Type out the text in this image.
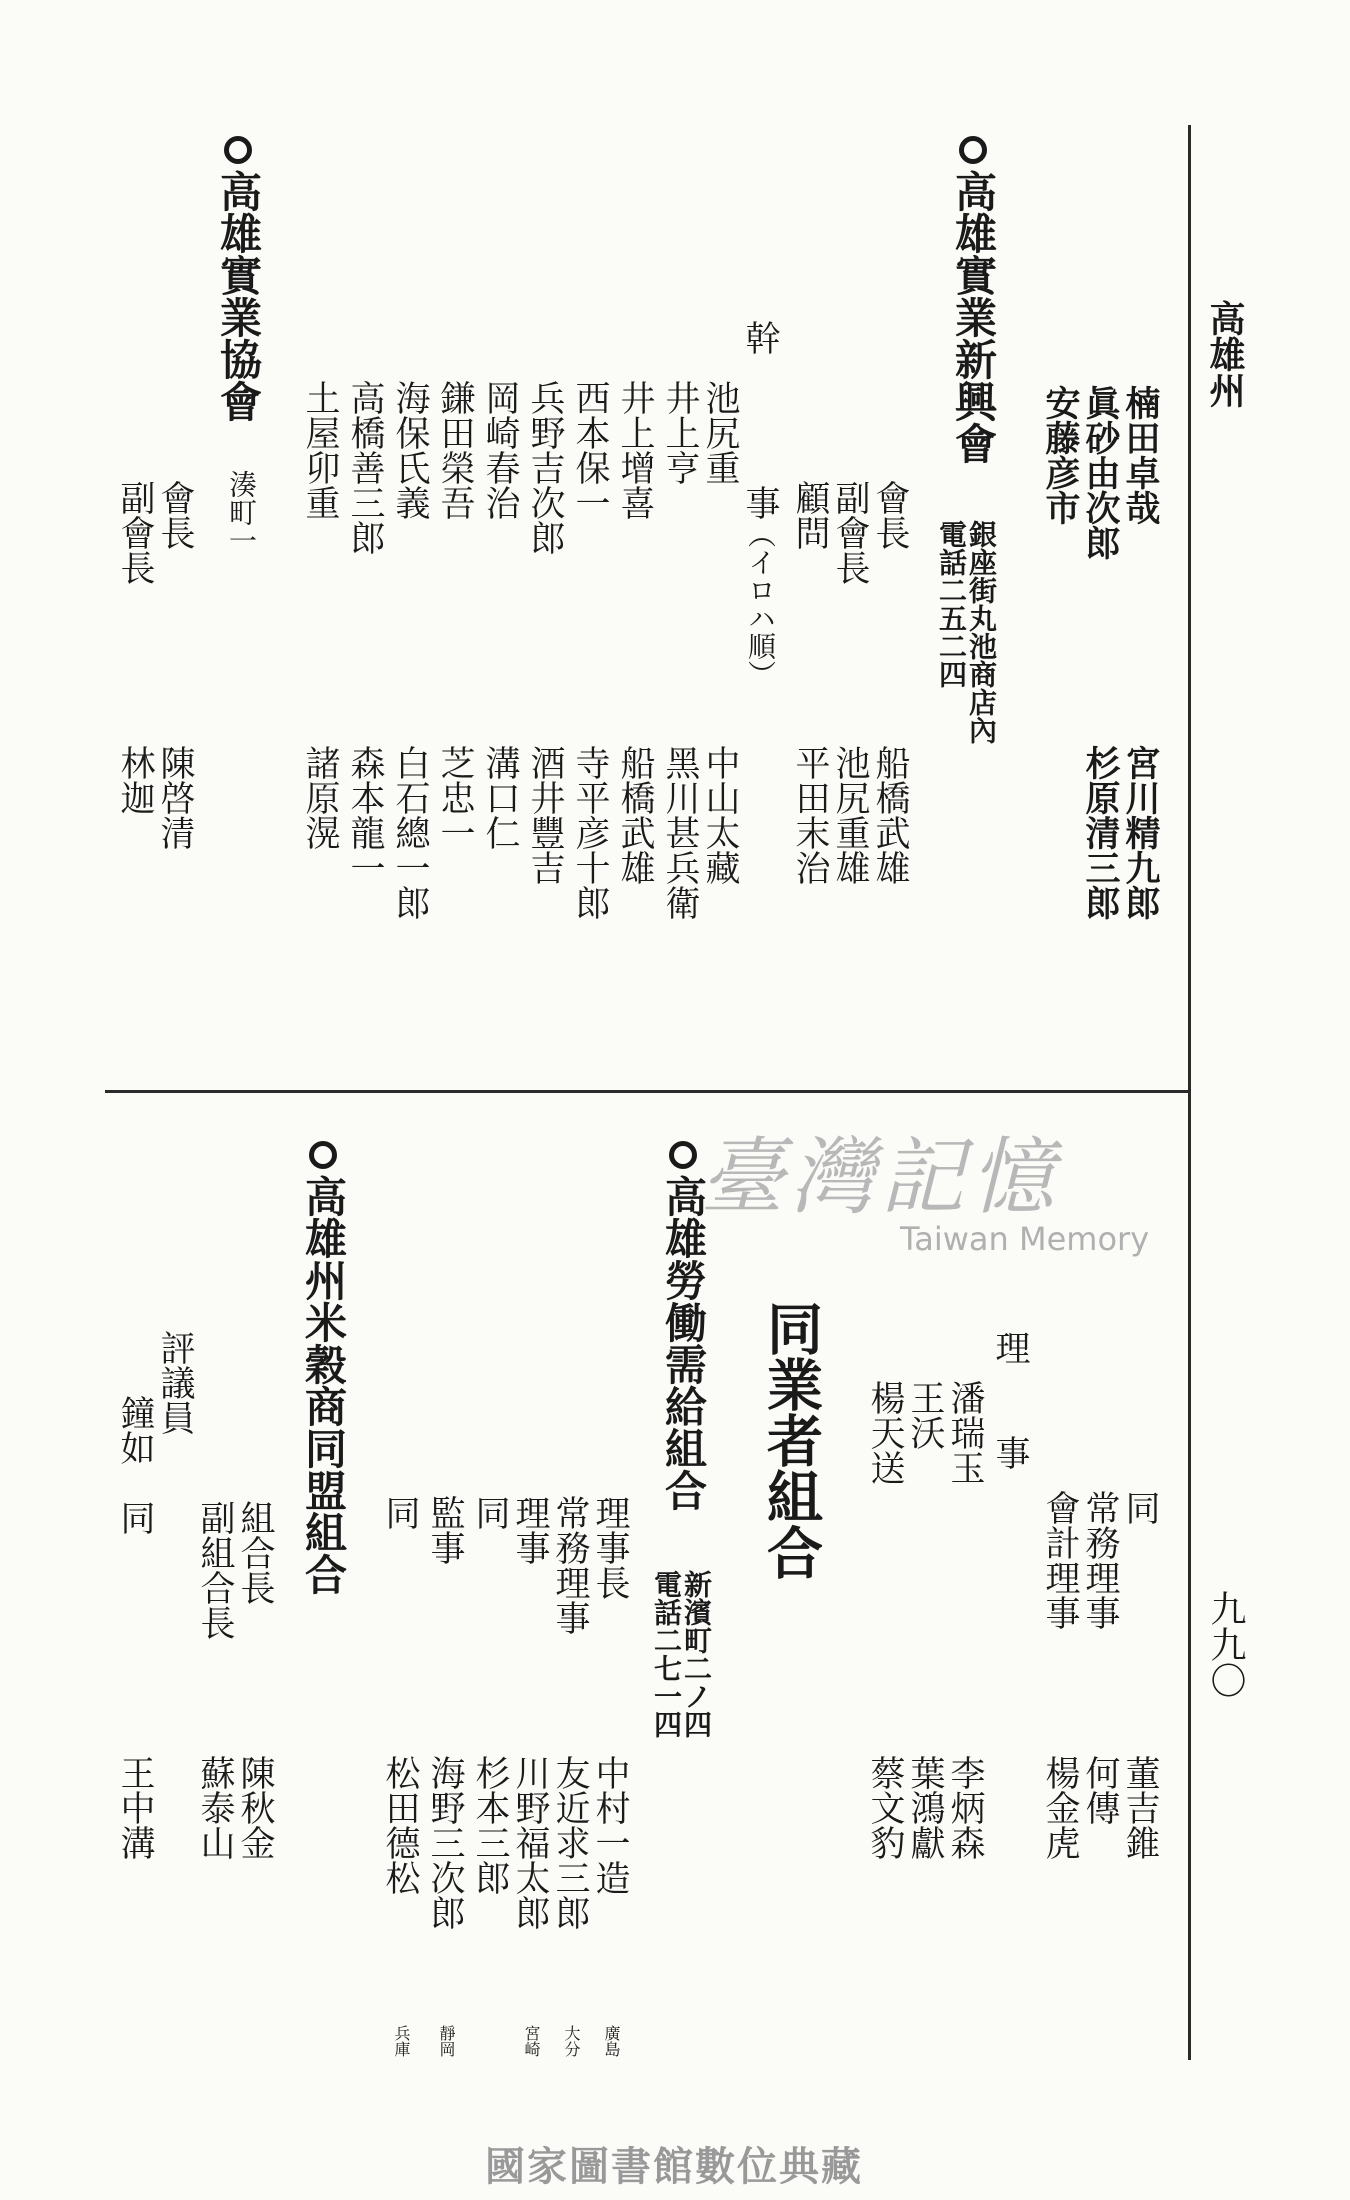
高雄州
九九〇
楠田卓哉
眞砂由次郎
安藤彦市
宮川精九郎
杉原清三郎
高雄實業新興會
銀座街丸池商店內
電話二五二四
會長
副會長
顧問
船橋武雄
池尻重雄
平田末治
幹
事
（イロハ順）
池尻重
井上亨
井上增喜
西本保一
兵野吉次郎
岡崎春治
鎌田榮吾
海保氏義
高橋善三郎
土屋卯重
中山太藏
黑川甚兵衛
船橋武雄
寺平彦十郎
酒井豐吉
溝口仁
芝忠一
白石總一郎
森本龍一
諸原滉
高雄實業協會
湊町一
會長
副會長
陳啓清
林迦
臺灣記憶
Taiwan Memory
同
常務理事
會計理事
董吉錐
何傳
楊金虎
理　　事
潘瑞玉
王沃
楊天送
李炳森
葉鴻獻
蔡文豹
同業者組合
高雄勞働需給組合
新濱町二ノ四
電話二七一四
理事長
常務理事
理事
同
監事
同
中村一造
友近求三郎
川野福太郎
杉本三郎
海野三次郎
松田德松
廣島
大分
宮崎
靜岡
兵庫
高雄州米穀商同盟組合
組合長
副組合長
評議員
鐘如
同
陳秋金
蘇泰山
王中溝
國家圖書館數位典藏
